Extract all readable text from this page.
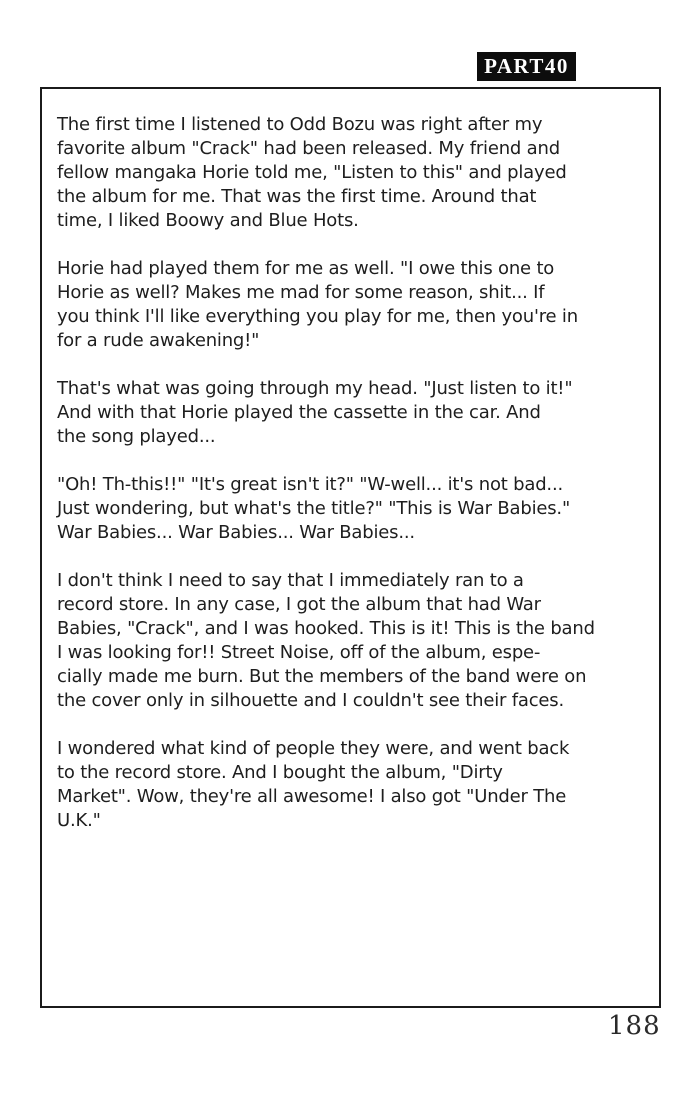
PART40
The first time I listened to Odd Bozu was right after my
favorite album "Crack" had been released. My friend and
fellow mangaka Horie told me, "Listen to this" and played
the album for me. That was the first time. Around that
time, I liked Boowy and Blue Hots.
Horie had played them for me as well. "I owe this one to
Horie as well? Makes me mad for some reason, shit... If
you think I'll like everything you play for me, then you're in
for a rude awakening!"
That's what was going through my head. "Just listen to it!"
And with that Horie played the cassette in the car. And
the song played...
"Oh! Th-this!!" "It's great isn't it?" "W-well... it's not bad...
Just wondering, but what's the title?" "This is War Babies."
War Babies... War Babies... War Babies...
I don't think I need to say that I immediately ran to a
record store. In any case, I got the album that had War
Babies, "Crack", and I was hooked. This is it! This is the band
I was looking for!! Street Noise, off of the album, espe-
cially made me burn. But the members of the band were on
the cover only in silhouette and I couldn't see their faces.
I wondered what kind of people they were, and went back
to the record store. And I bought the album, "Dirty
Market". Wow, they're all awesome! I also got "Under The
U.K."
188
